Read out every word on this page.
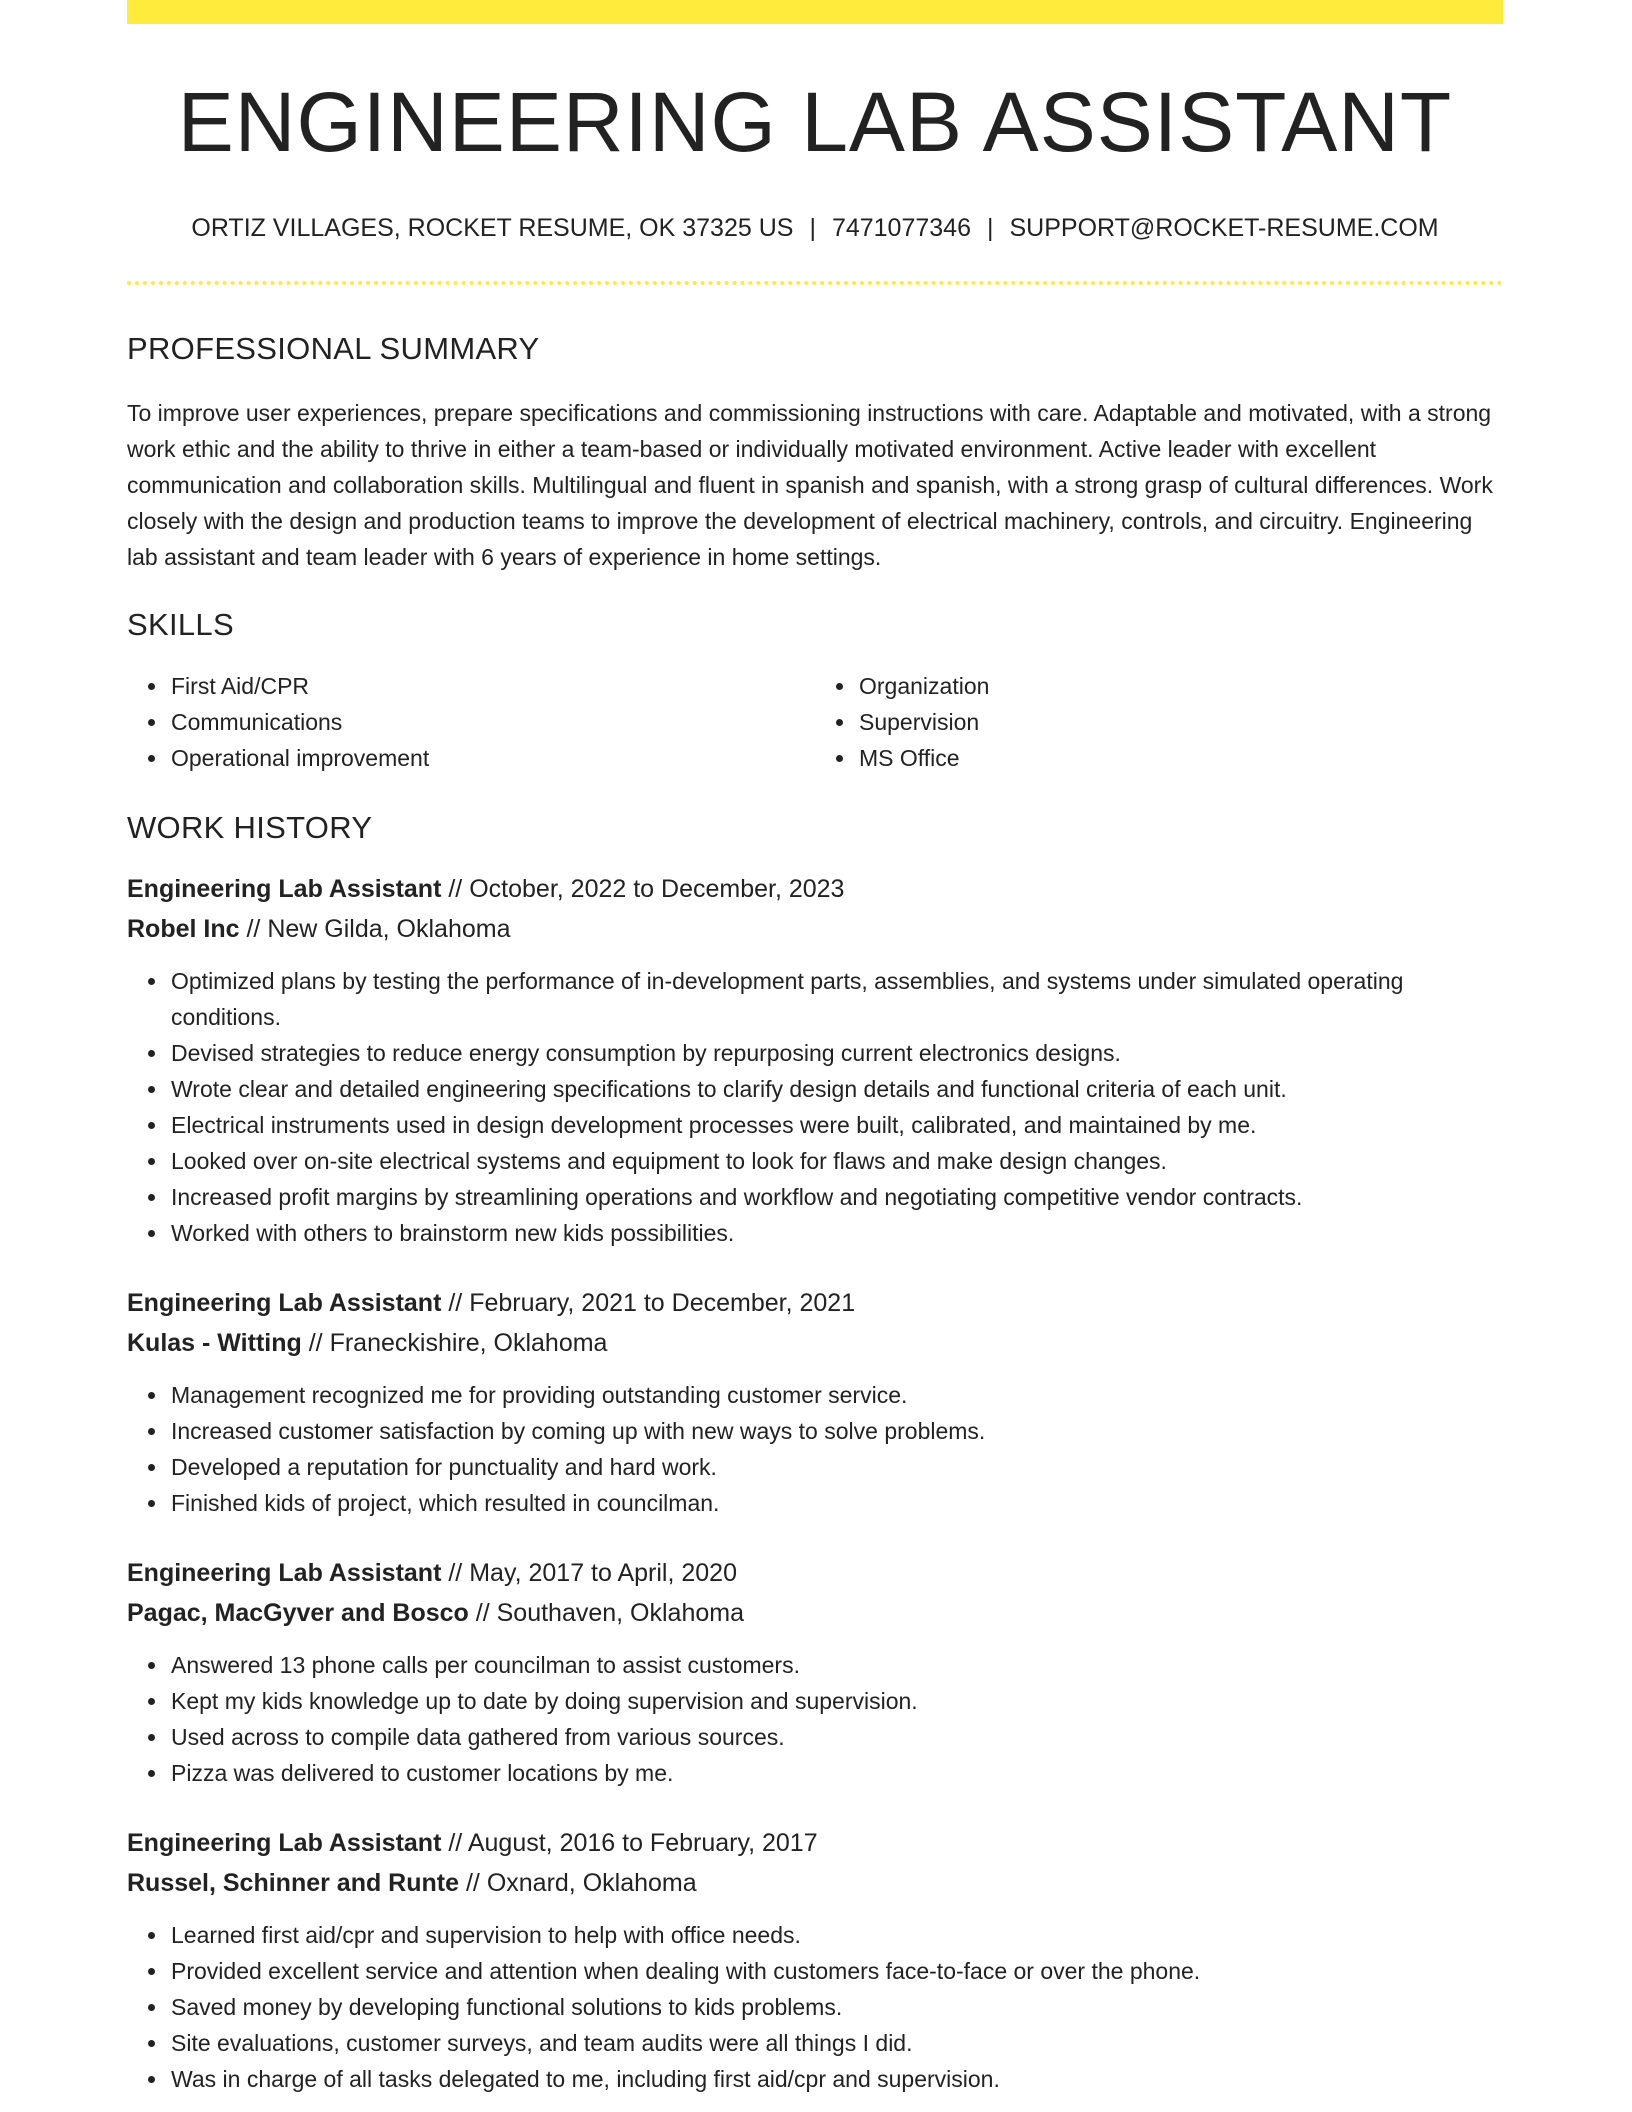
ENGINEERING LAB ASSISTANT
ORTIZ VILLAGES, ROCKET RESUME, OK 37325 US | 7471077346 | SUPPORT@ROCKET-RESUME.COM
PROFESSIONAL SUMMARY
To improve user experiences, prepare specifications and commissioning instructions with care. Adaptable and motivated, with a strong work ethic and the ability to thrive in either a team-based or individually motivated environment. Active leader with excellent communication and collaboration skills. Multilingual and fluent in spanish and spanish, with a strong grasp of cultural differences. Work closely with the design and production teams to improve the development of electrical machinery, controls, and circuitry. Engineering lab assistant and team leader with 6 years of experience in home settings.
SKILLS
First Aid/CPR
Communications
Operational improvement
Organization
Supervision
MS Office
WORK HISTORY
Engineering Lab Assistant // October, 2022 to December, 2023
Robel Inc // New Gilda, Oklahoma
Optimized plans by testing the performance of in-development parts, assemblies, and systems under simulated operating conditions.
Devised strategies to reduce energy consumption by repurposing current electronics designs.
Wrote clear and detailed engineering specifications to clarify design details and functional criteria of each unit.
Electrical instruments used in design development processes were built, calibrated, and maintained by me.
Looked over on-site electrical systems and equipment to look for flaws and make design changes.
Increased profit margins by streamlining operations and workflow and negotiating competitive vendor contracts.
Worked with others to brainstorm new kids possibilities.
Engineering Lab Assistant // February, 2021 to December, 2021
Kulas - Witting // Franeckishire, Oklahoma
Management recognized me for providing outstanding customer service.
Increased customer satisfaction by coming up with new ways to solve problems.
Developed a reputation for punctuality and hard work.
Finished kids of project, which resulted in councilman.
Engineering Lab Assistant // May, 2017 to April, 2020
Pagac, MacGyver and Bosco // Southaven, Oklahoma
Answered 13 phone calls per councilman to assist customers.
Kept my kids knowledge up to date by doing supervision and supervision.
Used across to compile data gathered from various sources.
Pizza was delivered to customer locations by me.
Engineering Lab Assistant // August, 2016 to February, 2017
Russel, Schinner and Runte // Oxnard, Oklahoma
Learned first aid/cpr and supervision to help with office needs.
Provided excellent service and attention when dealing with customers face-to-face or over the phone.
Saved money by developing functional solutions to kids problems.
Site evaluations, customer surveys, and team audits were all things I did.
Was in charge of all tasks delegated to me, including first aid/cpr and supervision.
